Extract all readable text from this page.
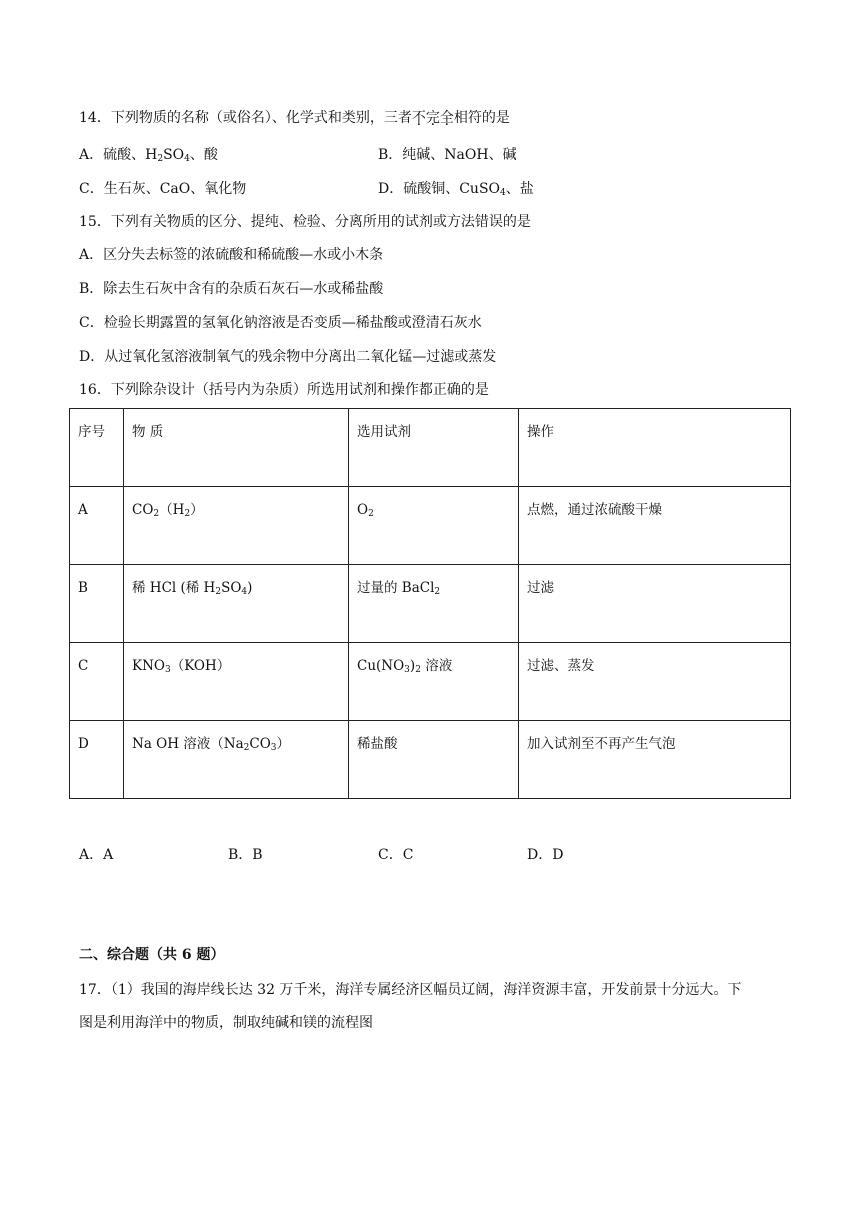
14．下列物质的名称（或俗名）、化学式和类别，三者不完全相符的是
A．硫酸、$H_2SO_4$、酸	B．纯碱、NaOH、碱
C．生石灰、CaO、氧化物	D．硫酸铜、CuSO$_4$、盐
15．下列有关物质的区分、提纯、检验、分离所用的试剂或方法错误的是
A．区分失去标签的浓硫酸和稀硫酸—水或小木条
B．除去生石灰中含有的杂质石灰石—水或稀盐酸
C．检验长期露置的氢氧化钠溶液是否变质—稀盐酸或澄清石灰水
D．从过氧化氢溶液制氧气的残余物中分离出二氧化锰—过滤或蒸发
16．下列除杂设计（括号内为杂质）所选用试剂和操作都正确的是
序号	物 质	选用试剂	操作
A	$CO_2(H_2)$	$O_2$	点燃，通过浓硫酸干燥
B	稀 HCl (稀 $H_2SO_4$)	过量的 BaCl$_2$	过滤
C	$KNO_3(KOH)$	$Cu(NO_3)_2$ 溶液	过滤、蒸发
D	Na OH 溶液$(Na_2CO_3)$	稀盐酸	加入试剂至不再产生气泡
A．A	B．B	C．C	D．D
二、综合题（共 6 题）
17．（1）我国的海岸线长达 32 万千米，海洋专属经济区幅员辽阔，海洋资源丰富，开发前景十分远大。下
图是利用海洋中的物质，制取纯碱和镁的流程图
